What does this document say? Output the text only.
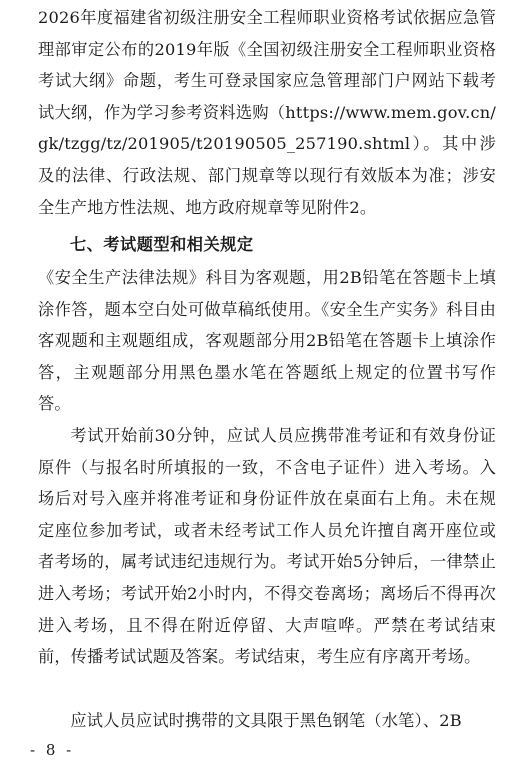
2026年度福建省初级注册安全工程师职业资格考试依据应急管理部审定公布的2019年版《全国初级注册安全工程师职业资格考试大纲》命题，考生可登录国家应急管理部门户网站下载考试大纲，作为学习参考资料选购（https://www.mem.gov.cn/gk/tzgg/tz/201905/t20190505_257190.shtml）。其中涉及的法律、行政法规、部门规章等以现行有效版本为准；涉安全生产地方性法规、地方政府规章等见附件2。
七、考试题型和相关规定
《安全生产法律法规》科目为客观题，用2B铅笔在答题卡上填涂作答，题本空白处可做草稿纸使用。《安全生产实务》科目由客观题和主观题组成，客观题部分用2B铅笔在答题卡上填涂作答，主观题部分用黑色墨水笔在答题纸上规定的位置书写作答。
考试开始前30分钟，应试人员应携带准考证和有效身份证原件（与报名时所填报的一致，不含电子证件）进入考场。入场后对号入座并将准考证和身份证件放在桌面右上角。未在规定座位参加考试，或者未经考试工作人员允许擅自离开座位或者考场的，属考试违纪违规行为。考试开始5分钟后，一律禁止进入考场；考试开始2小时内，不得交卷离场；离场后不得再次进入考场，且不得在附近停留、大声喧哗。严禁在考试结束前，传播考试试题及答案。考试结束，考生应有序离开考场。
应试人员应试时携带的文具限于黑色钢笔（水笔）、2B
- 8 -
